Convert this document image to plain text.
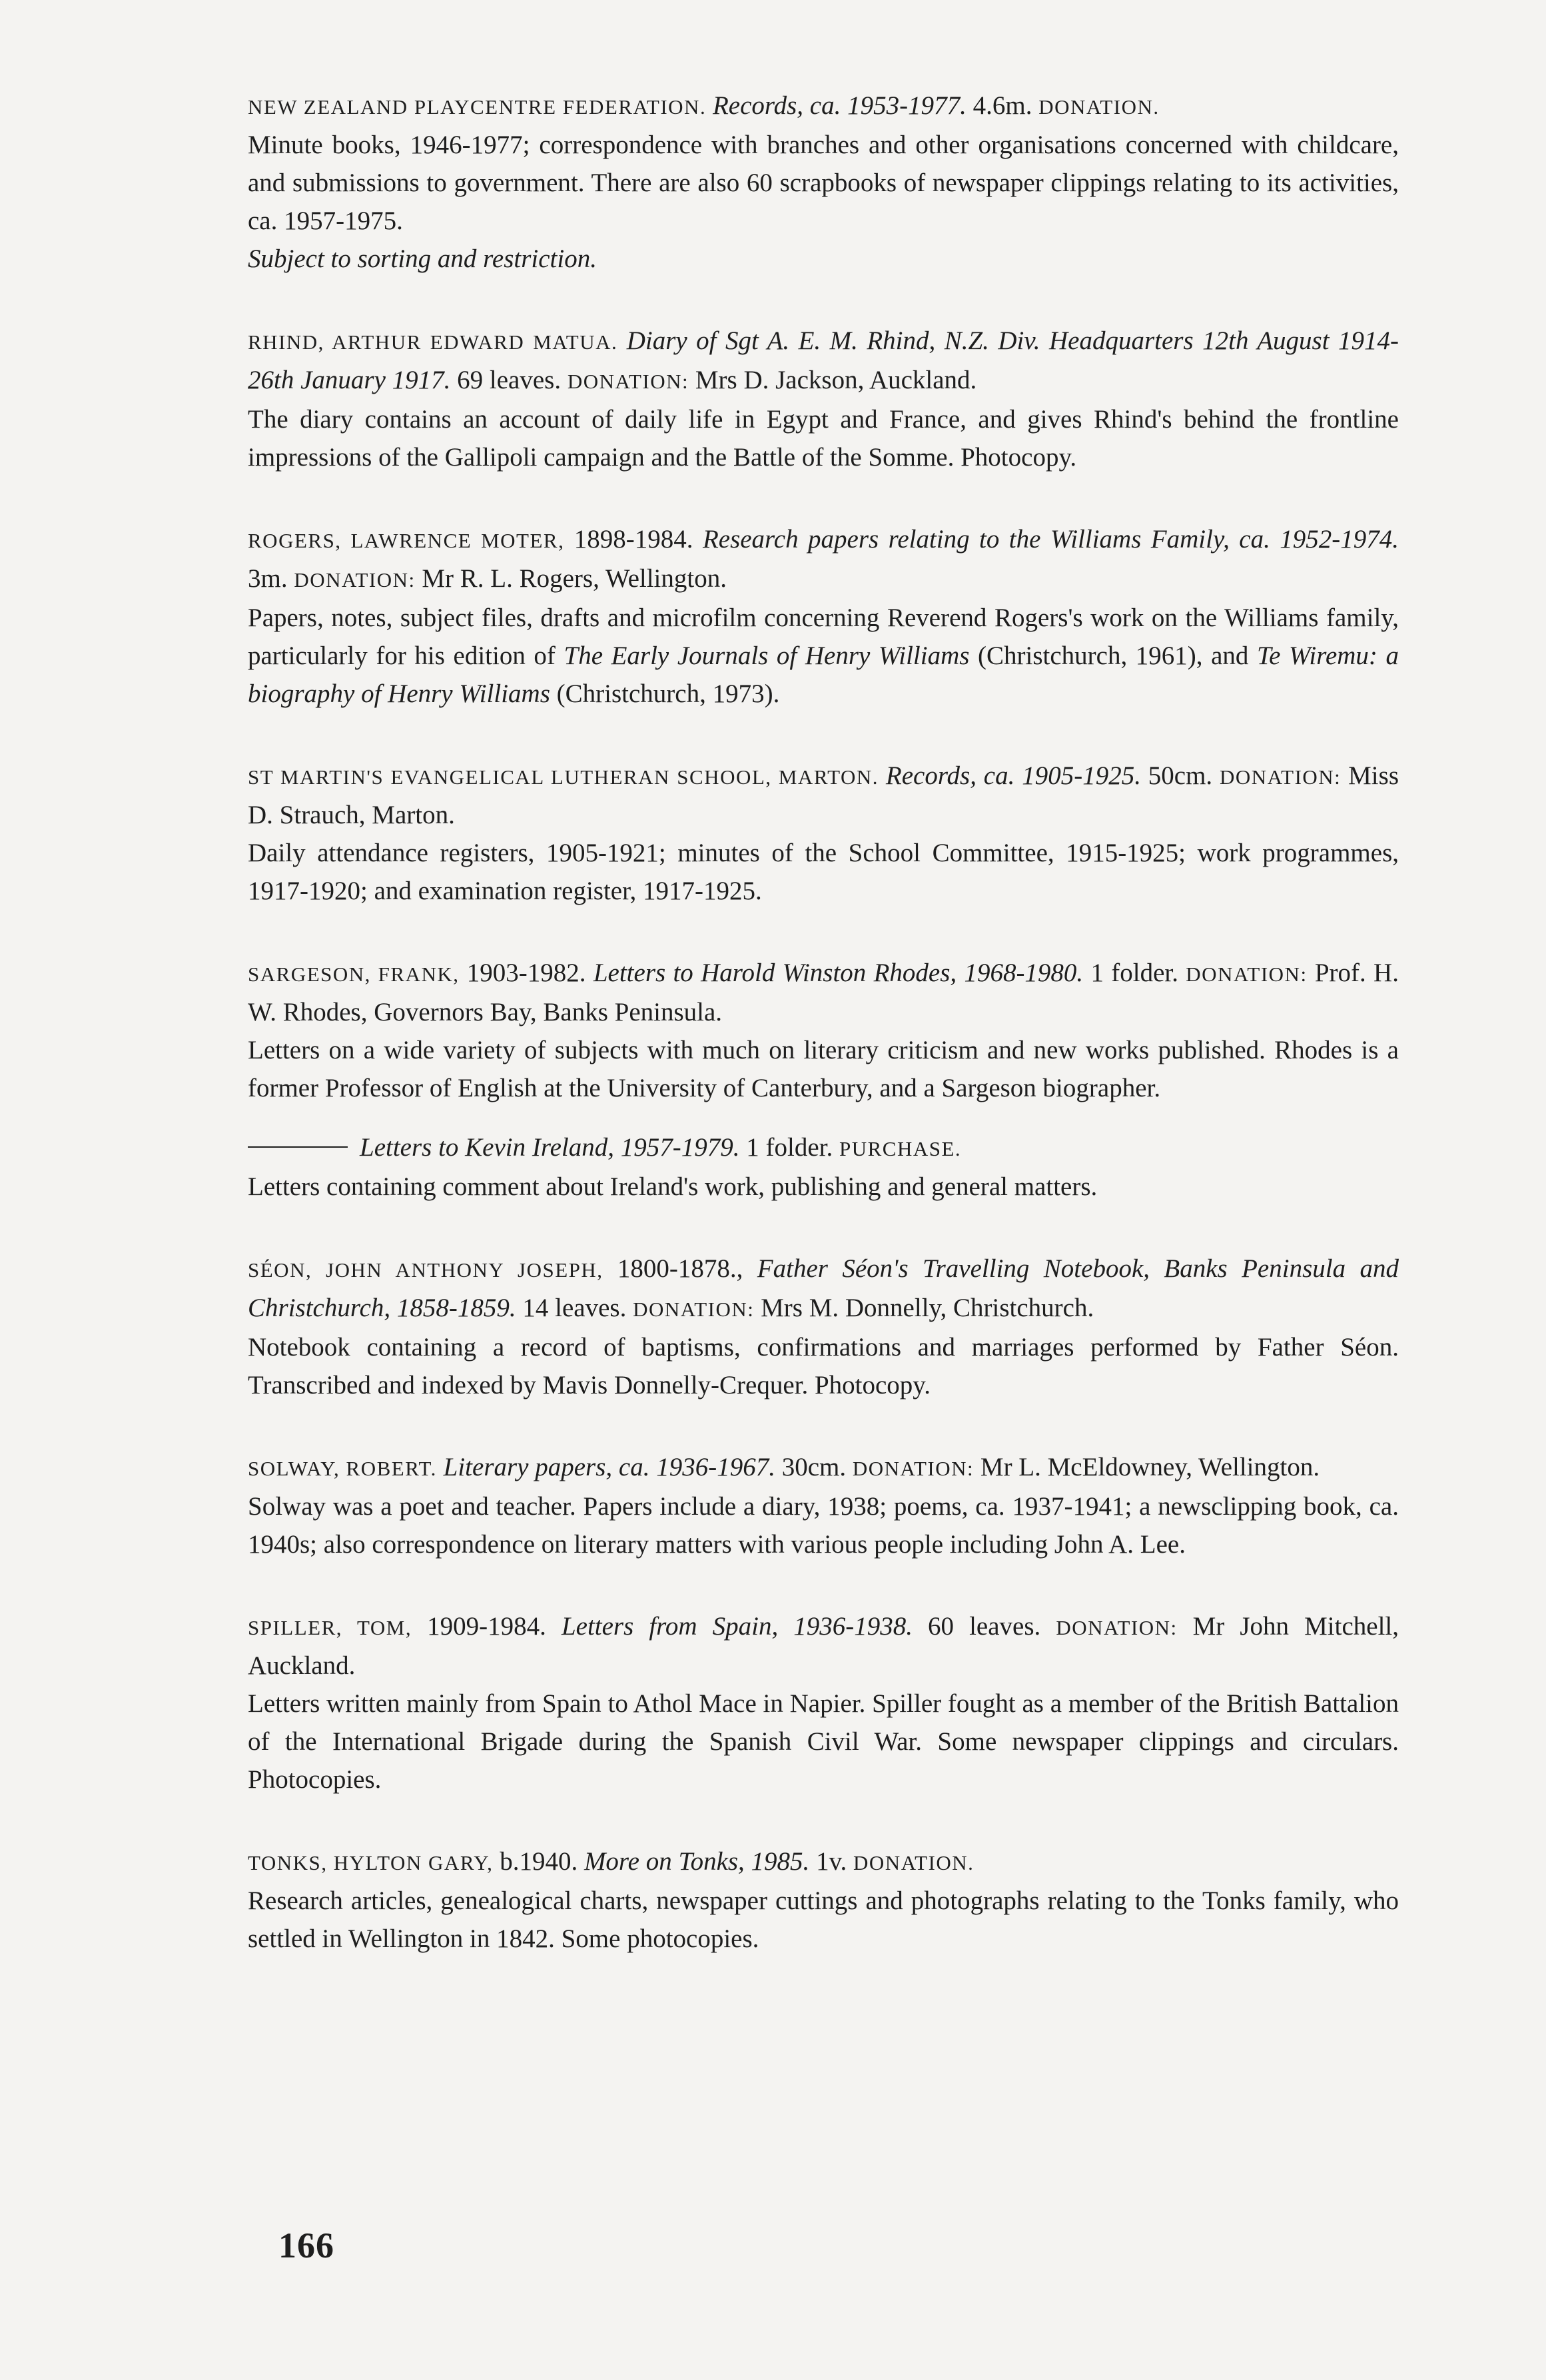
NEW ZEALAND PLAYCENTRE FEDERATION. Records, ca. 1953-1977. 4.6m. DONATION.

Minute books, 1946-1977; correspondence with branches and other organisations concerned with childcare, and submissions to government. There are also 60 scrapbooks of newspaper clippings relating to its activities, ca. 1957-1975.

Subject to sorting and restriction.

RHIND, ARTHUR EDWARD MATUA. Diary of Sgt A. E. M. Rhind, N.Z. Div. Headquarters 12th August 1914-26th January 1917. 69 leaves. DONATION: Mrs D. Jackson, Auckland.

The diary contains an account of daily life in Egypt and France, and gives Rhind's behind the frontline impressions of the Gallipoli campaign and the Battle of the Somme. Photocopy.

ROGERS, LAWRENCE MOTER, 1898-1984. Research papers relating to the Williams Family, ca. 1952-1974. 3m. DONATION: Mr R. L. Rogers, Wellington.

Papers, notes, subject files, drafts and microfilm concerning Reverend Rogers's work on the Williams family, particularly for his edition of The Early Journals of Henry Williams (Christchurch, 1961), and Te Wiremu: a biography of Henry Williams (Christchurch, 1973).

ST MARTIN'S EVANGELICAL LUTHERAN SCHOOL, MARTON. Records, ca. 1905-1925. 50cm. DONATION: Miss D. Strauch, Marton.

Daily attendance registers, 1905-1921; minutes of the School Committee, 1915-1925; work programmes, 1917-1920; and examination register, 1917-1925.

SARGESON, FRANK, 1903-1982. Letters to Harold Winston Rhodes, 1968-1980. 1 folder. DONATION: Prof. H. W. Rhodes, Governors Bay, Banks Peninsula.

Letters on a wide variety of subjects with much on literary criticism and new works published. Rhodes is a former Professor of English at the University of Canterbury, and a Sargeson biographer.

Letters to Kevin Ireland, 1957-1979. 1 folder. PURCHASE.

Letters containing comment about Ireland's work, publishing and general matters.

SÉON, JOHN ANTHONY JOSEPH, 1800-1878., Father Séon's Travelling Notebook, Banks Peninsula and Christchurch, 1858-1859. 14 leaves. DONATION: Mrs M. Donnelly, Christchurch.

Notebook containing a record of baptisms, confirmations and marriages performed by Father Séon. Transcribed and indexed by Mavis Donnelly-Crequer. Photocopy.

SOLWAY, ROBERT. Literary papers, ca. 1936-1967. 30cm. DONATION: Mr L. McEldowney, Wellington.

Solway was a poet and teacher. Papers include a diary, 1938; poems, ca. 1937-1941; a newsclipping book, ca. 1940s; also correspondence on literary matters with various people including John A. Lee.

SPILLER, TOM, 1909-1984. Letters from Spain, 1936-1938. 60 leaves. DONATION: Mr John Mitchell, Auckland.

Letters written mainly from Spain to Athol Mace in Napier. Spiller fought as a member of the British Battalion of the International Brigade during the Spanish Civil War. Some newspaper clippings and circulars. Photocopies.

TONKS, HYLTON GARY, b.1940. More on Tonks, 1985. 1v. DONATION.

Research articles, genealogical charts, newspaper cuttings and photographs relating to the Tonks family, who settled in Wellington in 1842. Some photocopies.

166
